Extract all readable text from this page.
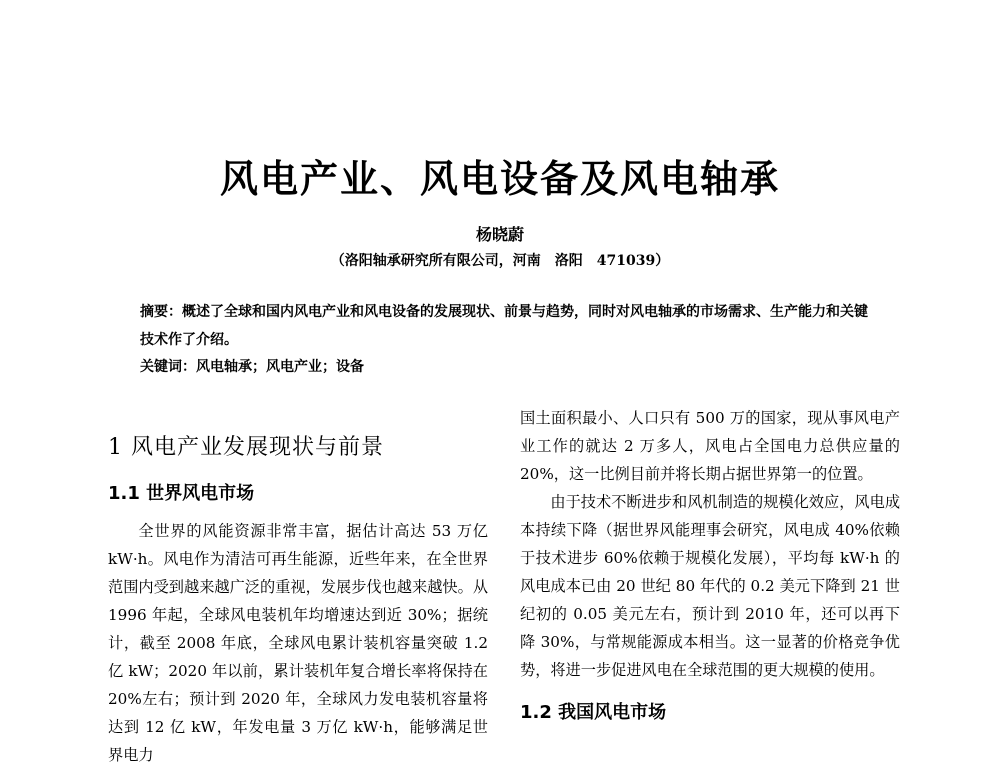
风电产业、风电设备及风电轴承
杨晓蔚
（洛阳轴承研究所有限公司，河南　洛阳　471039）
摘要：概述了全球和国内风电产业和风电设备的发展现状、前景与趋势，同时对风电轴承的市场需求、生产能力和关键技术作了介绍。
关键词：风电轴承；风电产业；设备
1 风电产业发展现状与前景
1.1 世界风电市场

全世界的风能资源非常丰富，据估计高达 53 万亿 kW·h。风电作为清洁可再生能源，近些年来，在全世界范围内受到越来越广泛的重视，发展步伐也越来越快。从 1996 年起，全球风电装机年均增速达到近 30%；据统计，截至 2008 年底，全球风电累计装机容量突破 1.2 亿 kW；2020 年以前，累计装机年复合增长率将保持在 20%左右；预计到 2020 年，全球风力发电装机容量将达到 12 亿 kW，年发电量 3 万亿 kW·h，能够满足世界电力

国土面积最小、人口只有 500 万的国家，现从事风电产业工作的就达 2 万多人，风电占全国电力总供应量的 20%，这一比例目前并将长期占据世界第一的位置。

由于技术不断进步和风机制造的规模化效应，风电成本持续下降（据世界风能理事会研究，风电成 40%依赖于技术进步 60%依赖于规模化发展），平均每 kW·h 的风电成本已由 20 世纪 80 年代的 0.2 美元下降到 21 世纪初的 0.05 美元左右，预计到 2010 年，还可以再下降 30%，与常规能源成本相当。这一显著的价格竞争优势，将进一步促进风电在全球范围的更大规模的使用。

1.2 我国风电市场
